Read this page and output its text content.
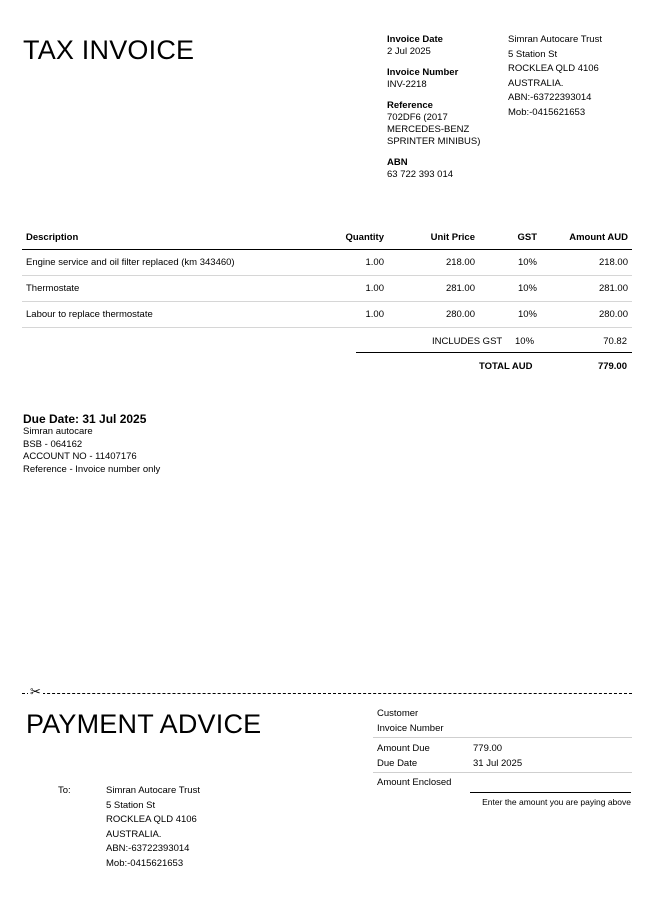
TAX INVOICE	Invoice Date
2 Jul 2025
Invoice Number
INV-2218
Reference
702DF6 (2017
MERCEDES-BENZ
SPRINTER MINIBUS)
ABN
63 722 393 014
Simran Autocare Trust
5 Station St
ROCKLEA QLD 4106
AUSTRALIA.
ABN:-63722393014
Mob:-0415621653
Description	Quantity	Unit Price	GST	Amount AUD
Engine service and oil filter replaced (km 343460)	1.00	218.00	10%	218.00
Thermostate	1.00	281.00	10%	281.00
Labour to replace thermostate	1.00	280.00	10%	280.00
INCLUDES GST 10%	70.82
TOTAL AUD	779.00
Due Date: 31 Jul 2025
Simran autocare
BSB - 064162
ACCOUNT NO - 11407176
Reference - Invoice number only
✂
PAYMENT ADVICE
To:	Simran Autocare Trust
5 Station St
ROCKLEA QLD 4106
AUSTRALIA.
ABN:-63722393014
Mob:-0415621653
Customer
Invoice Number
Amount Due	779.00
Due Date	31 Jul 2025
Amount Enclosed
Enter the amount you are paying above
